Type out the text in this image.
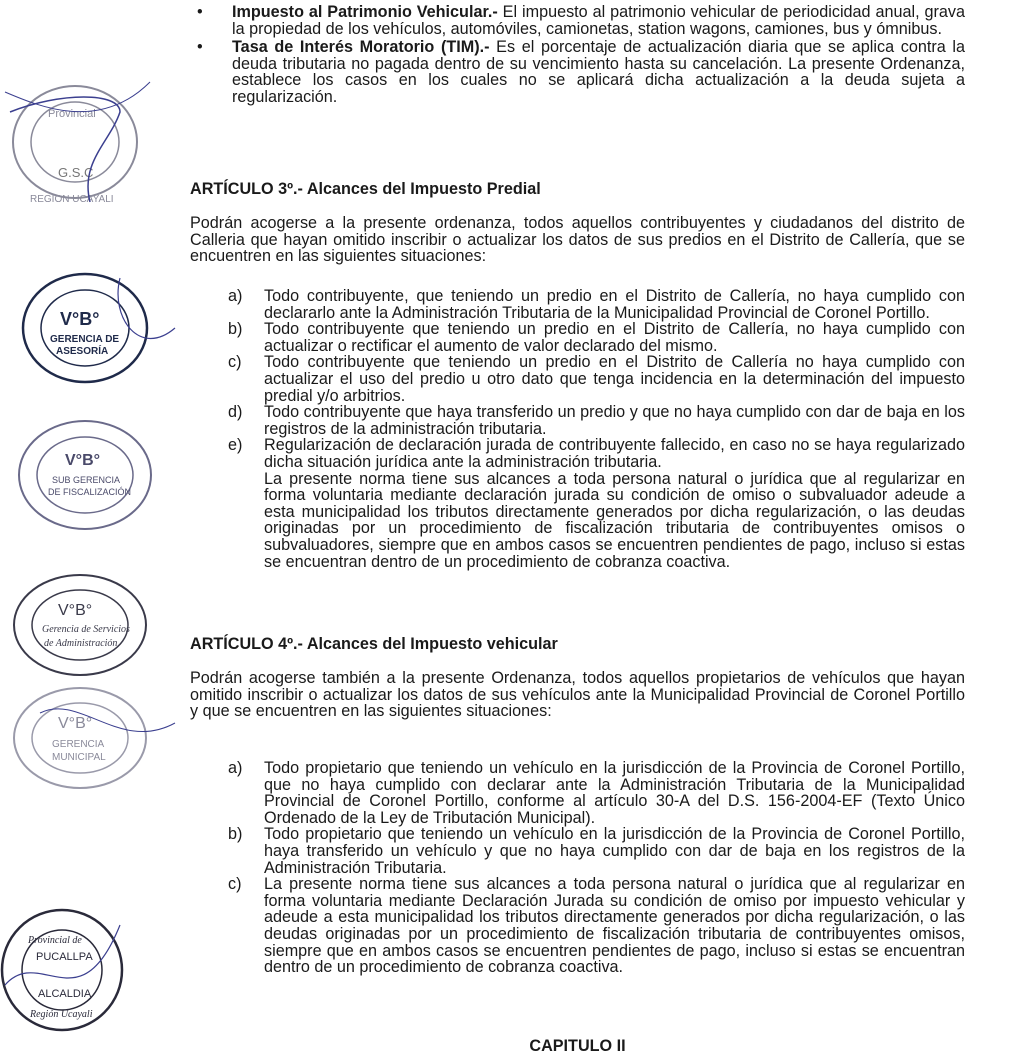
Provincial
G.S.C
REGION UCAYALI
V°B°
GERENCIA DE
ASESORÍA
V°B°
SUB GERENCIA
DE FISCALIZACIÓN
V°B°
Gerencia de Servicios
de Administración
V°B°
GERENCIA
MUNICIPAL
Provincial de
PUCALLPA
ALCALDIA
Región Ucayali
• Impuesto al Patrimonio Vehicular.- El impuesto al patrimonio vehicular de periodicidad anual, grava la propiedad de los vehículos, automóviles, camionetas, station wagons, camiones, bus y ómnibus.
• Tasa de Interés Moratorio (TIM).- Es el porcentaje de actualización diaria que se aplica contra la deuda tributaria no pagada dentro de su vencimiento hasta su cancelación. La presente Ordenanza, establece los casos en los cuales no se aplicará dicha actualización a la deuda sujeta a regularización.
ARTÍCULO 3º.- Alcances del Impuesto Predial

Podrán acogerse a la presente ordenanza, todos aquellos contribuyentes y ciudadanos del distrito de Calleria que hayan omitido inscribir o actualizar los datos de sus predios en el Distrito de Callería, que se encuentren en las siguientes situaciones:

a) Todo contribuyente, que teniendo un predio en el Distrito de Callería, no haya cumplido con declararlo ante la Administración Tributaria de la Municipalidad Provincial de Coronel Portillo.
b) Todo contribuyente que teniendo un predio en el Distrito de Callería, no haya cumplido con actualizar o rectificar el aumento de valor declarado del mismo.
c) Todo contribuyente que teniendo un predio en el Distrito de Callería no haya cumplido con actualizar el uso del predio u otro dato que tenga incidencia en la determinación del impuesto predial y/o arbitrios.
d) Todo contribuyente que haya transferido un predio y que no haya cumplido con dar de baja en los registros de la administración tributaria.
e) Regularización de declaración jurada de contribuyente fallecido, en caso no se haya regularizado dicha situación jurídica ante la administración tributaria.
La presente norma tiene sus alcances a toda persona natural o jurídica que al regularizar en forma voluntaria mediante declaración jurada su condición de omiso o subvaluador adeude a esta municipalidad los tributos directamente generados por dicha regularización, o las deudas originadas por un procedimiento de fiscalización tributaria de contribuyentes omisos o subvaluadores, siempre que en ambos casos se encuentren pendientes de pago, incluso si estas se encuentran dentro de un procedimiento de cobranza coactiva.
ARTÍCULO 4º.- Alcances del Impuesto vehicular

Podrán acogerse también a la presente Ordenanza, todos aquellos propietarios de vehículos que hayan omitido inscribir o actualizar los datos de sus vehículos ante la Municipalidad Provincial de Coronel Portillo y que se encuentren en las siguientes situaciones:

a) Todo propietario que teniendo un vehículo en la jurisdicción de la Provincia de Coronel Portillo, que no haya cumplido con declarar ante la Administración Tributaria de la Municipalidad Provincial de Coronel Portillo, conforme al artículo 30-A del D.S. 156-2004-EF (Texto Único Ordenado de la Ley de Tributación Municipal).
b) Todo propietario que teniendo un vehículo en la jurisdicción de la Provincia de Coronel Portillo, haya transferido un vehículo y que no haya cumplido con dar de baja en los registros de la Administración Tributaria.
c) La presente norma tiene sus alcances a toda persona natural o jurídica que al regularizar en forma voluntaria mediante Declaración Jurada su condición de omiso por impuesto vehicular y adeude a esta municipalidad los tributos directamente generados por dicha regularización, o las deudas originadas por un procedimiento de fiscalización tributaria de contribuyentes omisos, siempre que en ambos casos se encuentren pendientes de pago, incluso si estas se encuentran dentro de un procedimiento de cobranza coactiva.
CAPITULO II
